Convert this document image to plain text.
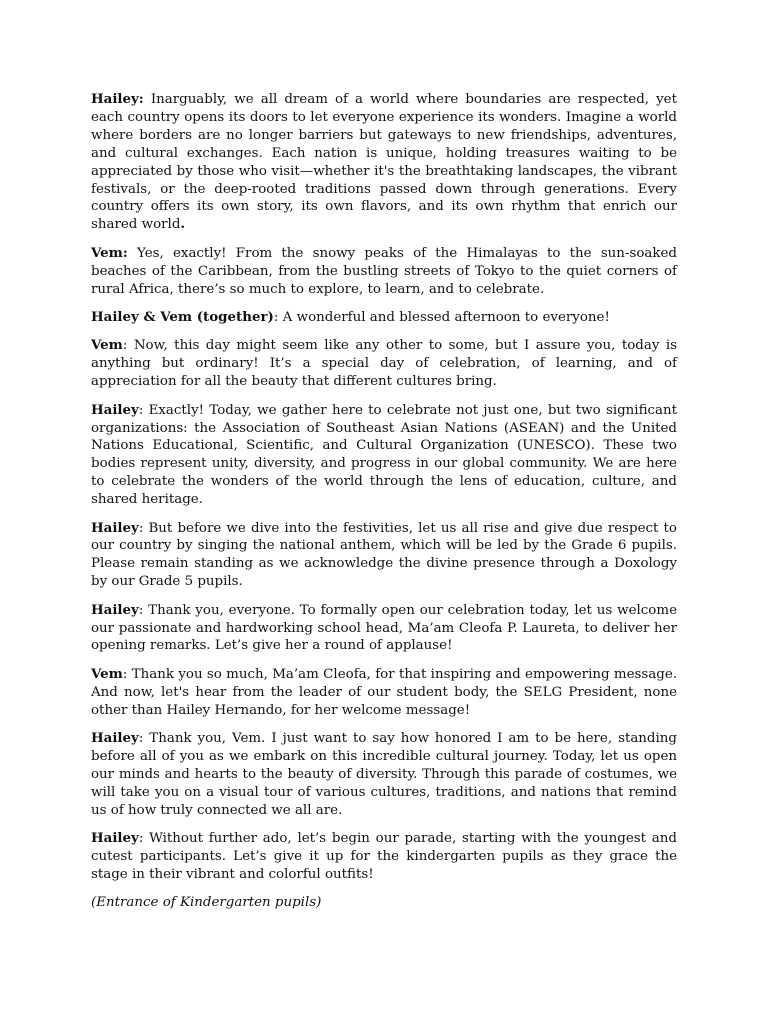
Hailey: Inarguably, we all dream of a world where boundaries are respected, yet each country opens its doors to let everyone experience its wonders. Imagine a world where borders are no longer barriers but gateways to new friendships, adventures, and cultural exchanges. Each nation is unique, holding treasures waiting to be appreciated by those who visit—whether it's the breathtaking landscapes, the vibrant festivals, or the deep-rooted traditions passed down through generations. Every country offers its own story, its own flavors, and its own rhythm that enrich our shared world.

Vem: Yes, exactly! From the snowy peaks of the Himalayas to the sun-soaked beaches of the Caribbean, from the bustling streets of Tokyo to the quiet corners of rural Africa, there’s so much to explore, to learn, and to celebrate.

Hailey & Vem (together): A wonderful and blessed afternoon to everyone!

Vem: Now, this day might seem like any other to some, but I assure you, today is anything but ordinary! It’s a special day of celebration, of learning, and of appreciation for all the beauty that different cultures bring.

Hailey: Exactly! Today, we gather here to celebrate not just one, but two significant organizations: the Association of Southeast Asian Nations (ASEAN) and the United Nations Educational, Scientific, and Cultural Organization (UNESCO). These two bodies represent unity, diversity, and progress in our global community. We are here to celebrate the wonders of the world through the lens of education, culture, and shared heritage.

Hailey: But before we dive into the festivities, let us all rise and give due respect to our country by singing the national anthem, which will be led by the Grade 6 pupils. Please remain standing as we acknowledge the divine presence through a Doxology by our Grade 5 pupils.

Hailey: Thank you, everyone. To formally open our celebration today, let us welcome our passionate and hardworking school head, Ma’am Cleofa P. Laureta, to deliver her opening remarks. Let’s give her a round of applause!

Vem: Thank you so much, Ma’am Cleofa, for that inspiring and empowering message. And now, let's hear from the leader of our student body, the SELG President, none other than Hailey Hernando, for her welcome message!

Hailey: Thank you, Vem. I just want to say how honored I am to be here, standing before all of you as we embark on this incredible cultural journey. Today, let us open our minds and hearts to the beauty of diversity. Through this parade of costumes, we will take you on a visual tour of various cultures, traditions, and nations that remind us of how truly connected we all are.

Hailey: Without further ado, let’s begin our parade, starting with the youngest and cutest participants. Let’s give it up for the kindergarten pupils as they grace the stage in their vibrant and colorful outfits!

(Entrance of Kindergarten pupils)
